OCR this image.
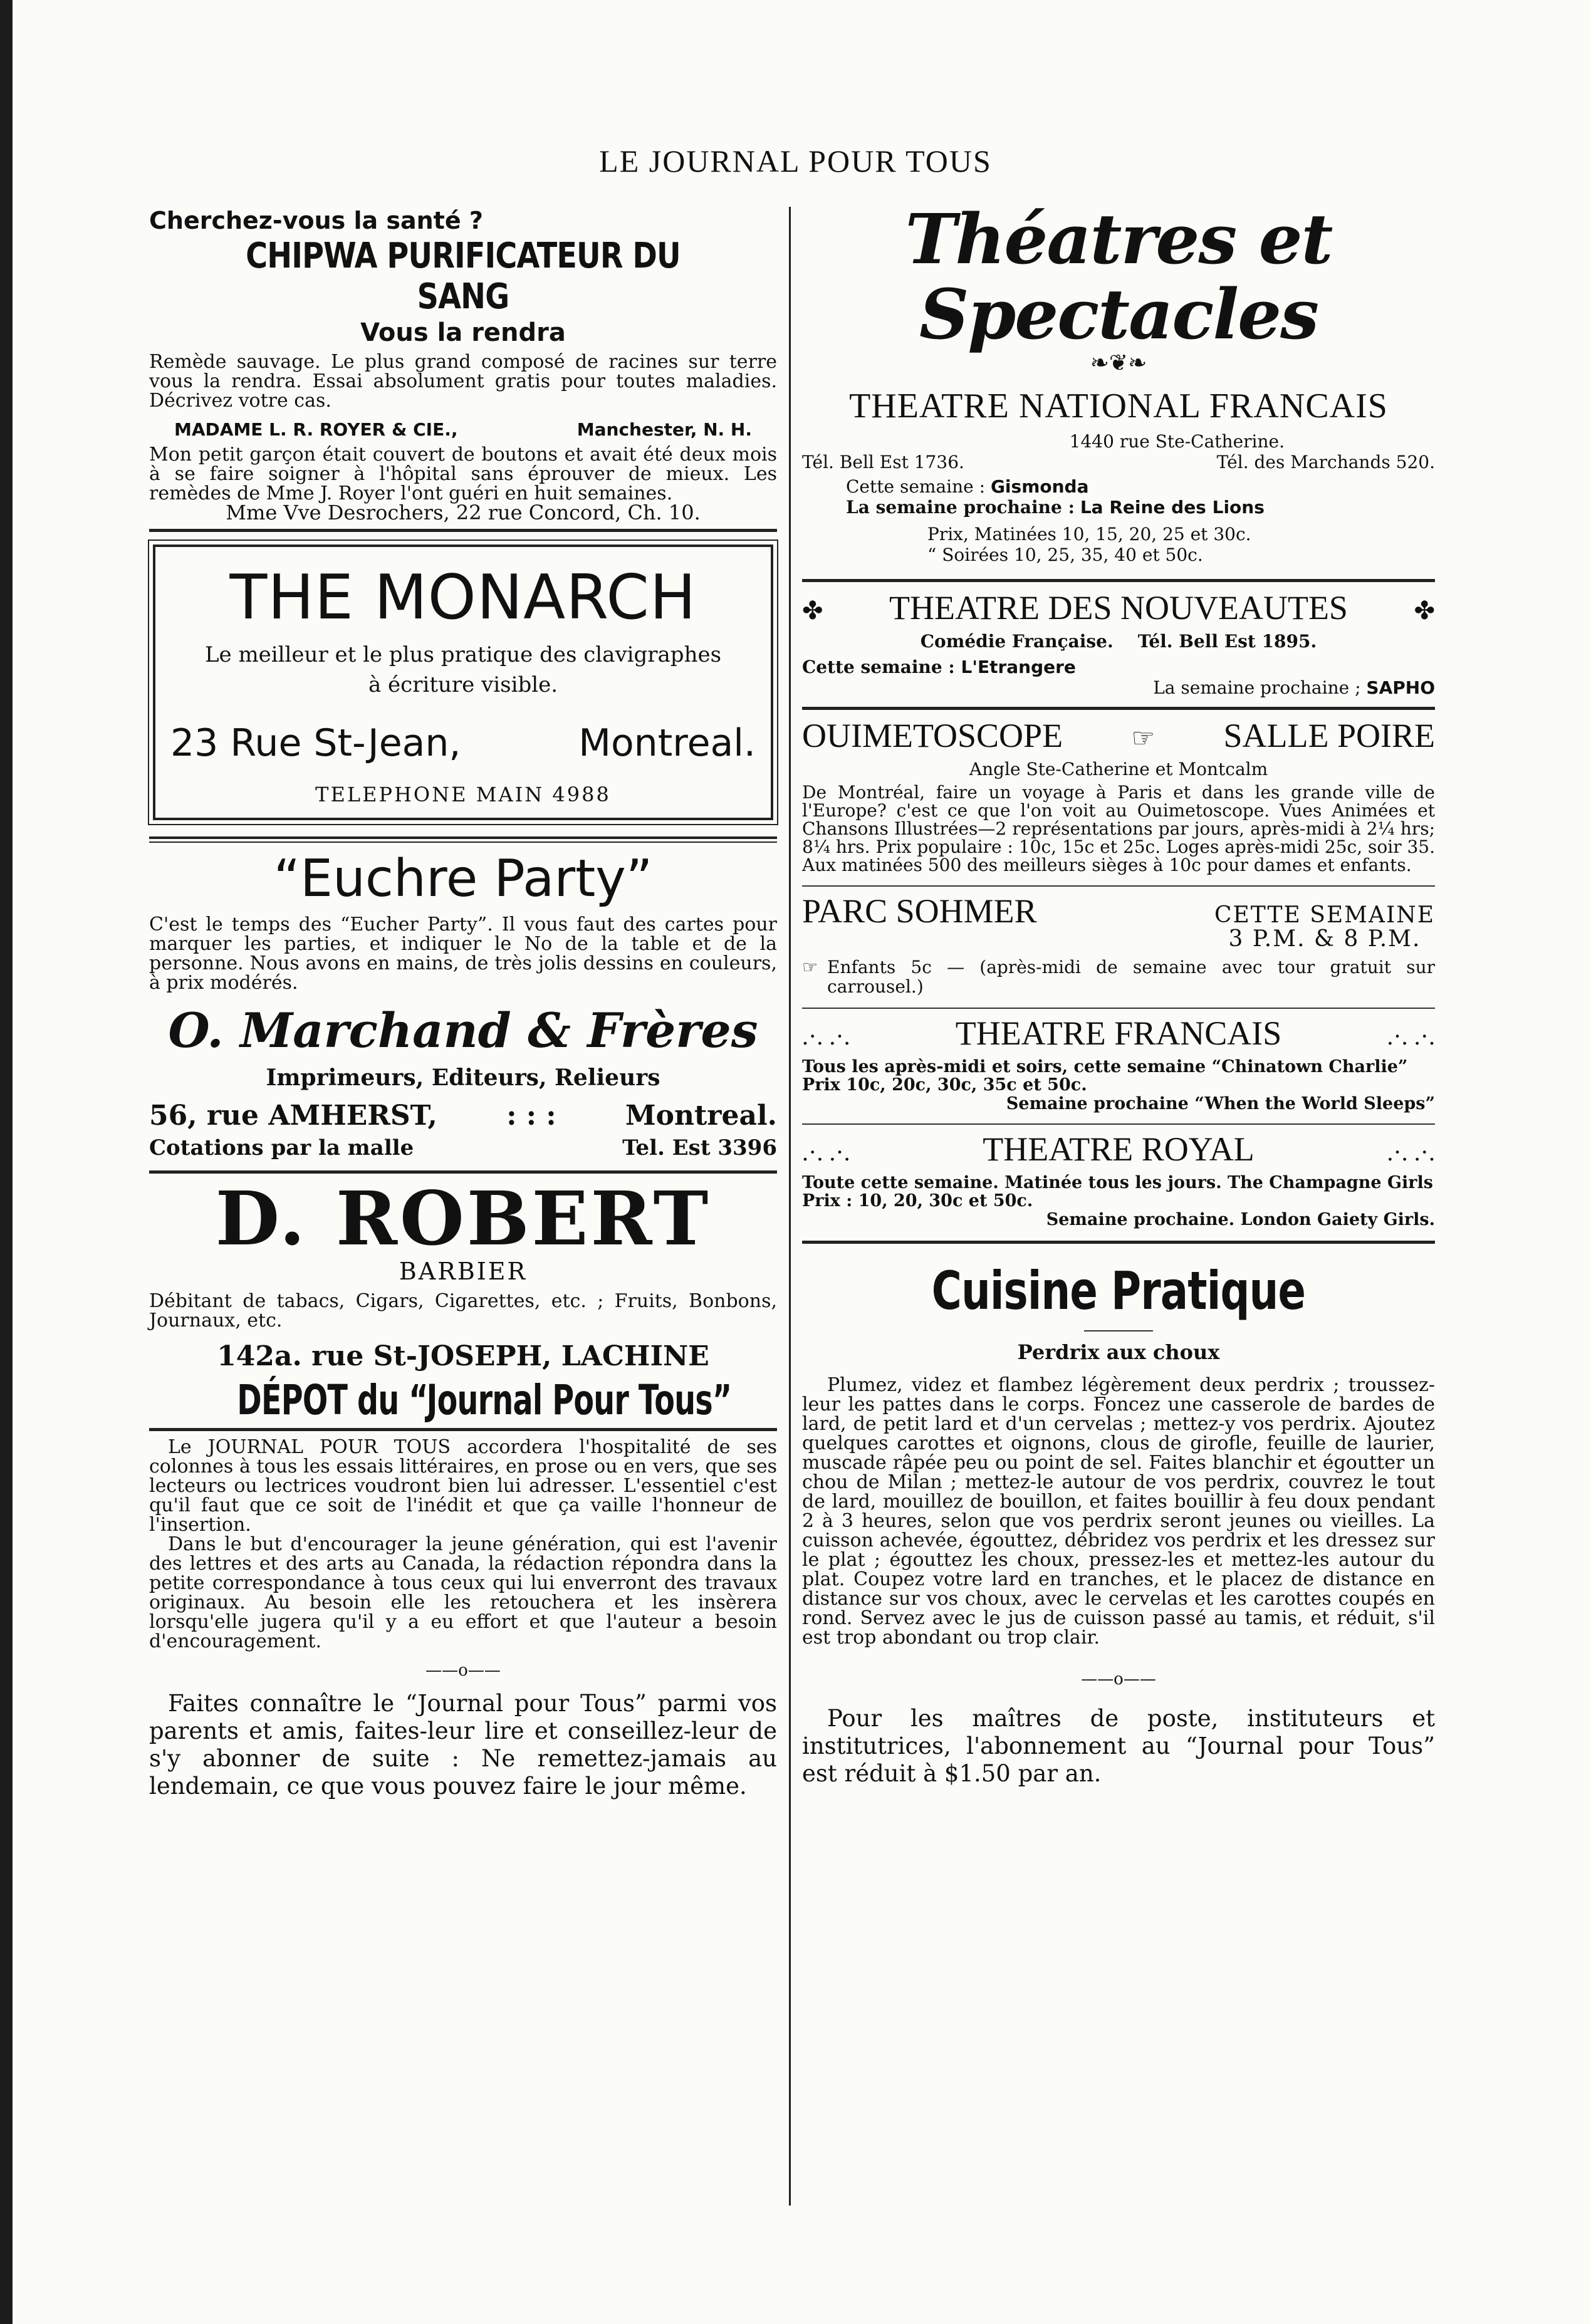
LE JOURNAL POUR TOUS
Cherchez-vous la santé ?
CHIPWA PURIFICATEUR DU SANG
Vous la rendra
Remède sauvage. Le plus grand composé de racines sur terre vous la rendra. Essai absolument gratis pour toutes maladies. Décrivez votre cas.
MADAME L. R. ROYER & CIE.,	Manchester, N. H.
Mon petit garçon était couvert de boutons et avait été deux mois à se faire soigner à l'hôpital sans éprouver de mieux. Les remèdes de Mme J. Royer l'ont guéri en huit semaines.
Mme Vve Desrochers, 22 rue Concord, Ch. 10.
THE MONARCH
Le meilleur et le plus pratique des clavigraphes
à écriture visible.
23 Rue St-Jean,	Montreal.
TELEPHONE MAIN 4988
“Euchre Party”
C'est le temps des “Eucher Party”. Il vous faut des cartes pour marquer les parties, et indiquer le No de la table et de la personne. Nous avons en mains, de très jolis dessins en couleurs, à prix modérés.
O. Marchand & Frères
Imprimeurs, Editeurs, Relieurs
56, rue AMHERST,	: : :	Montreal.
Cotations par la malle	Tel. Est 3396
D. ROBERT
BARBIER
Débitant de tabacs, Cigars, Cigarettes, etc. ; Fruits, Bonbons, Journaux, etc.
142a. rue St-JOSEPH, LACHINE
DÉPOT du “Journal Pour Tous”
Le JOURNAL POUR TOUS accordera l'hospitalité de ses colonnes à tous les essais littéraires, en prose ou en vers, que ses lecteurs ou lectrices voudront bien lui adresser. L'essentiel c'est qu'il faut que ce soit de l'inédit et que ça vaille l'honneur de l'insertion.
Dans le but d'encourager la jeune génération, qui est l'avenir des lettres et des arts au Canada, la rédaction répondra dans la petite correspondance à tous ceux qui lui enverront des travaux originaux. Au besoin elle les retouchera et les insèrera lorsqu'elle jugera qu'il y a eu effort et que l'auteur a besoin d'encouragement.
——o——
Faites connaître le “Journal pour Tous” parmi vos parents et amis, faites-leur lire et conseillez-leur de s'y abonner de suite : Ne remettez-jamais au lendemain, ce que vous pouvez faire le jour même.
Théatres et Spectacles
❧❦❧
THEATRE NATIONAL FRANCAIS
1440 rue Ste-Catherine.
Tél. Bell Est 1736.	Tél. des Marchands 520.
Cette semaine : Gismonda
La semaine prochaine : La Reine des Lions
Prix, Matinées 10, 15, 20, 25 et 30c.
“ Soirées 10, 25, 35, 40 et 50c.
✤ THEATRE DES NOUVEAUTES	✤
Comédie Française. Tél. Bell Est 1895.
Cette semaine : L'Etrangere
La semaine prochaine ; SAPHO
OUIMETOSCOPE	☞ SALLE POIRE
Angle Ste-Catherine et Montcalm
De Montréal, faire un voyage à Paris et dans les grande ville de l'Europe? c'est ce que l'on voit au Ouimetoscope. Vues Animées et Chansons Illustrées—2 représentations par jours, après-midi à 2¼ hrs; 8¼ hrs. Prix populaire : 10c, 15c et 25c. Loges après-midi 25c, soir 35. Aux matinées 500 des meilleurs sièges à 10c pour dames et enfants.
PARC SOHMER	CETTE SEMAINE
3 P.M. & 8 P.M.
☞ Enfants 5c — (après-midi de semaine avec tour gratuit sur carrousel.)
.·. .·.	THEATRE FRANCAIS	.·. .·.
Tous les après-midi et soirs, cette semaine “Chinatown Charlie” Prix 10c, 20c, 30c, 35c et 50c.
Semaine prochaine “When the World Sleeps”
.·. .·.	THEATRE ROYAL	.·. .·.
Toute cette semaine. Matinée tous les jours. The Champagne Girls Prix : 10, 20, 30c et 50c.
Semaine prochaine. London Gaiety Girls.
Cuisine Pratique
Perdrix aux choux
Plumez, videz et flambez légèrement deux perdrix ; troussez-leur les pattes dans le corps. Foncez une casserole de bardes de lard, de petit lard et d'un cervelas ; mettez-y vos perdrix. Ajoutez quelques carottes et oignons, clous de girofle, feuille de laurier, muscade râpée peu ou point de sel. Faites blanchir et égoutter un chou de Milan ; mettez-le autour de vos perdrix, couvrez le tout de lard, mouillez de bouillon, et faites bouillir à feu doux pendant 2 à 3 heures, selon que vos perdrix seront jeunes ou vieilles. La cuisson achevée, égouttez, débridez vos perdrix et les dressez sur le plat ; égouttez les choux, pressez-les et mettez-les autour du plat. Coupez votre lard en tranches, et le placez de distance en distance sur vos choux, avec le cervelas et les carottes coupés en rond. Servez avec le jus de cuisson passé au tamis, et réduit, s'il est trop abondant ou trop clair.
——o——
Pour les maîtres de poste, instituteurs et institutrices, l'abonnement au “Journal pour Tous” est réduit à $1.50 par an.
